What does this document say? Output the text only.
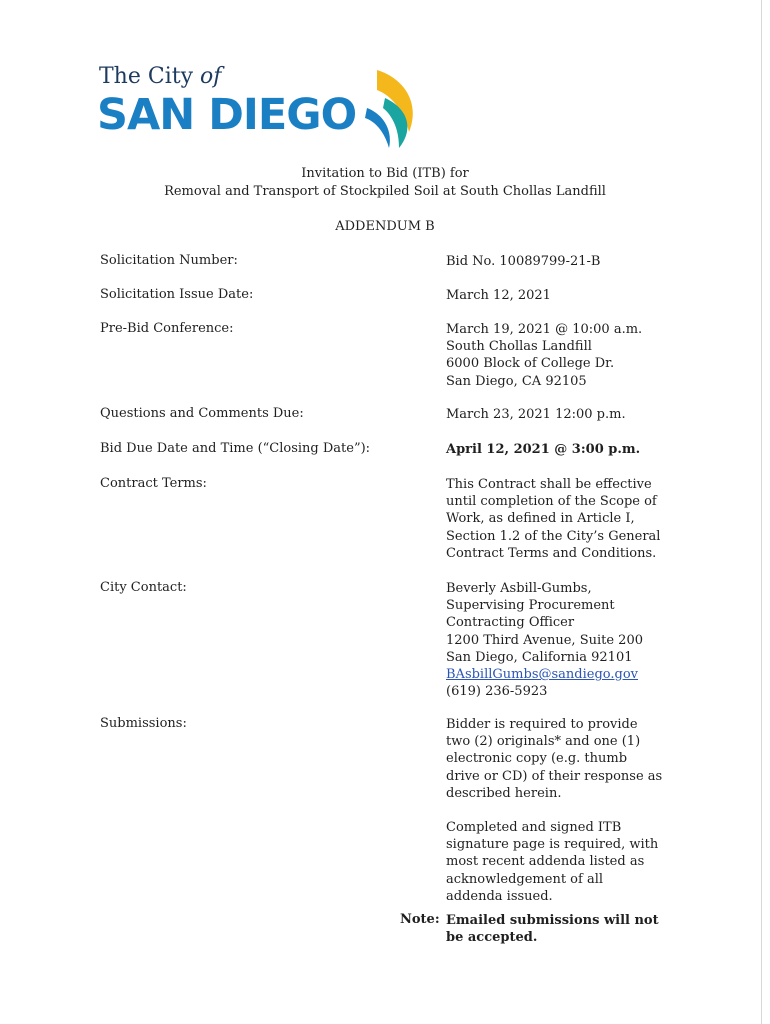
The City of
SAN DIEGO
Invitation to Bid (ITB) for
Removal and Transport of Stockpiled Soil at South Chollas Landfill
ADDENDUM B
Solicitation Number:	Bid No. 10089799-21-B
Solicitation Issue Date:	March 12, 2021
Pre-Bid Conference:	March 19, 2021 @ 10:00 a.m.
South Chollas Landfill
6000 Block of College Dr.
San Diego, CA 92105
Questions and Comments Due:	March 23, 2021 12:00 p.m.
Bid Due Date and Time (“Closing Date”):	April 12, 2021 @ 3:00 p.m.
Contract Terms:	This Contract shall be effective
until completion of the Scope of
Work, as defined in Article I,
Section 1.2 of the City’s General
Contract Terms and Conditions.
City Contact:	Beverly Asbill-Gumbs,
Supervising Procurement
Contracting Officer
1200 Third Avenue, Suite 200
San Diego, California 92101
BAsbillGumbs@sandiego.gov
(619) 236-5923
Submissions:	Bidder is required to provide
two (2) originals* and one (1)
electronic copy (e.g. thumb
drive or CD) of their response as
described herein.
Completed and signed ITB
signature page is required, with
most recent addenda listed as
acknowledgement of all
addenda issued.
Note: Emailed submissions will not
be accepted.
